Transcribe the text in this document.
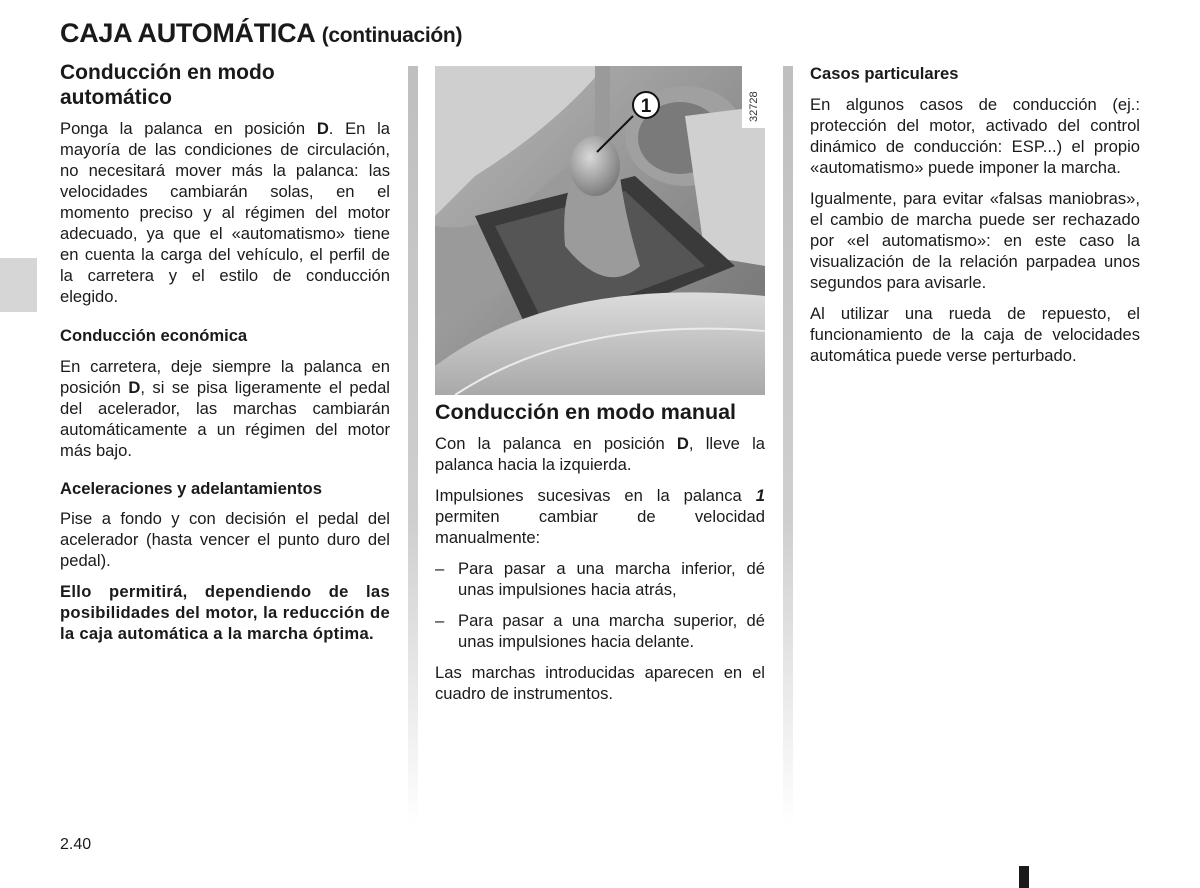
CAJA AUTOMÁTICA (continuación)
Conducción en modo automático

Ponga la palanca en posición D. En la mayoría de las condiciones de circulación, no necesitará mover más la palanca: las velocidades cambiarán solas, en el momento preciso y al régimen del motor adecuado, ya que el «automatismo» tiene en cuenta la carga del vehículo, el perfil de la carretera y el estilo de conducción elegido.

Conducción económica

En carretera, deje siempre la palanca en posición D, si se pisa ligeramente el pedal del acelerador, las marchas cambiarán automáticamente a un régimen del motor más bajo.

Aceleraciones y adelantamientos

Pise a fondo y con decisión el pedal del acelerador (hasta vencer el punto duro del pedal).

Ello permitirá, dependiendo de las posibilidades del motor, la reducción de la caja automática a la marcha óptima.

32728
1
Conducción en modo manual

Con la palanca en posición D, lleve la palanca hacia la izquierda.

Impulsiones sucesivas en la palanca 1 permiten cambiar de velocidad manualmente:

– Para pasar a una marcha inferior, dé unas impulsiones hacia atrás,

– Para pasar a una marcha superior, dé unas impulsiones hacia delante.

Las marchas introducidas aparecen en el cuadro de instrumentos.

Casos particulares

En algunos casos de conducción (ej.: protección del motor, activado del control dinámico de conducción: ESP...) el propio «automatismo» puede imponer la marcha.

Igualmente, para evitar «falsas maniobras», el cambio de marcha puede ser rechazado por «el automatismo»: en este caso la visualización de la relación parpadea unos segundos para avisarle.

Al utilizar una rueda de repuesto, el funcionamiento de la caja de velocidades automática puede verse perturbado.

2.40
